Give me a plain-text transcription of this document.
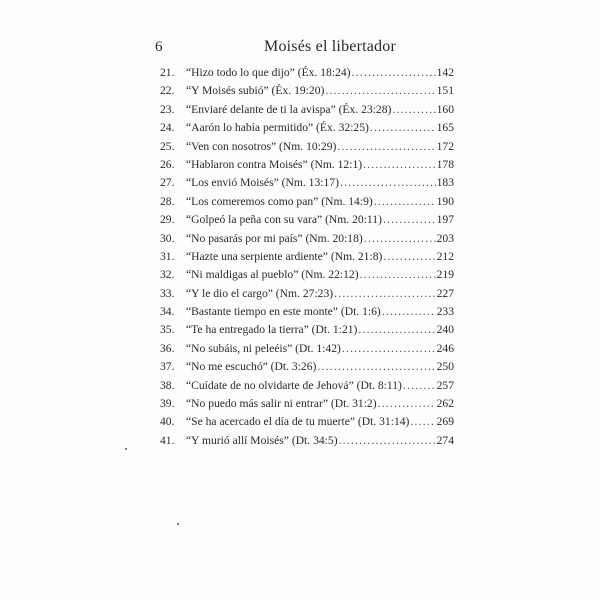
6	Moisés el libertador
21. “Hizo todo lo que dijo” (Éx. 18:24) .....	142
22. “Y Moisés subió” (Éx. 19:20) .....	151
23. “Enviaré delante de ti la avispa” (Éx. 23:28) .....	160
24. “Aarón lo había permitido” (Éx. 32:25) .....	165
25. “Ven con nosotros” (Nm. 10:29) .....	172
26. “Hablaron contra Moisés” (Nm. 12:1) .....	178
27. “Los envió Moisés” (Nm. 13:17) .....	183
28. “Los comeremos como pan” (Nm. 14:9) .....	190
29. “Golpeó la peña con su vara” (Nm. 20:11) .....	197
30. “No pasarás por mi país” (Nm. 20:18) .....	203
31. “Hazte una serpiente ardiente” (Nm. 21:8) .....	212
32. “Ni maldigas al pueblo” (Nm. 22:12) .....	219
33. “Y le dio el cargo” (Nm. 27:23) .....	227
34. “Bastante tiempo en este monte” (Dt. 1:6) .....	233
35. “Te ha entregado la tierra” (Dt. 1:21) .....	240
36. “No subáis, ni peleéis” (Dt. 1:42) .....	246
37. “No me escuchó” (Dt. 3:26) .....	250
38. “Cuídate de no olvidarte de Jehová” (Dt. 8:11) .....	257
39. “No puedo más salir ni entrar” (Dt. 31:2) .....	262
40. “Se ha acercado el día de tu muerte” (Dt. 31:14) ..... 269
41. “Y murió allí Moisés” (Dt. 34:5) .....	274
